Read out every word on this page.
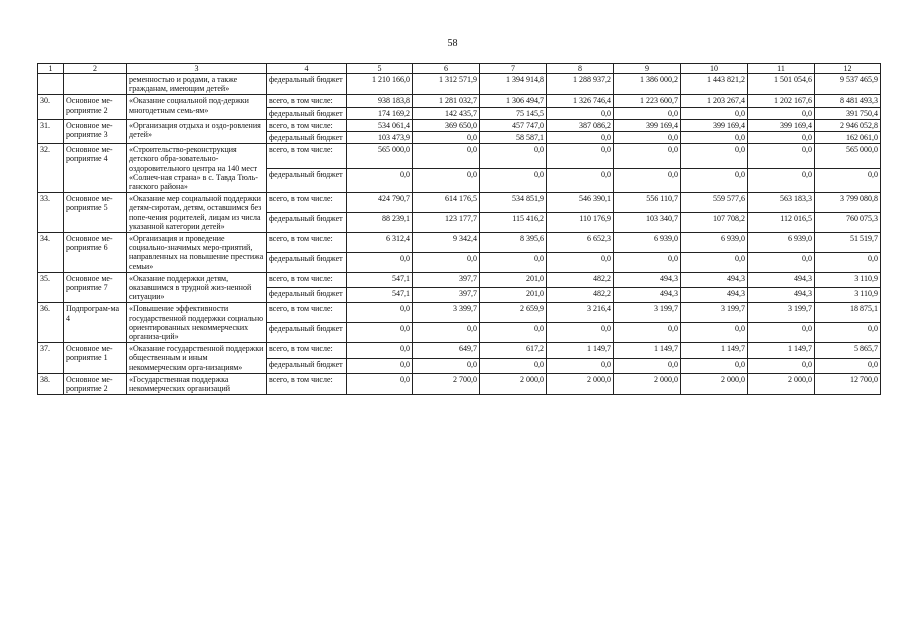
58
1	2	3	4	5	6	7	8	9	10	11	12
		ременностью и родами, а также гражданам, имеющим детей»	федеральный бюджет	1 210 166,0	1 312 571,9	1 394 914,8	1 288 937,2	1 386 000,2	1 443 821,2	1 501 054,6	9 537 465,9
30.	Основное ме-роприятие 2	«Оказание социальной под-держки многодетным семь-ям»	всего, в том числе:	938 183,8	1 281 032,7	1 306 494,7	1 326 746,4	1 223 600,7	1 203 267,4	1 202 167,6	8 481 493,3
			федеральный бюджет	174 169,2	142 435,7	75 145,5	0,0	0,0	0,0	0,0	391 750,4
31.	Основное ме-роприятие 3	«Организация отдыха и оздо-ровления детей»	всего, в том числе:	534 061,4	369 650,0	457 747,0	387 086,2	399 169,4	399 169,4	399 169,4	2 946 052,8
			федеральный бюджет	103 473,9	0,0	58 587,1	0,0	0,0	0,0	0,0	162 061,0
32.	Основное ме-роприятие 4	«Строительство-реконструкция детского обра-зовательно-оздоровительного центра на 140 мест «Солнеч-ная страна» в с. Тавда Тюль-ганского района»	всего, в том числе:	565 000,0	0,0	0,0	0,0	0,0	0,0	0,0	565 000,0
			федеральный бюджет	0,0	0,0	0,0	0,0	0,0	0,0	0,0	0,0
33.	Основное ме-роприятие 5	«Оказание мер социальной поддержки детям-сиротам, детям, оставшимся без попе-чения родителей, лицам из числа указанной категории детей»	всего, в том числе:	424 790,7	614 176,5	534 851,9	546 390,1	556 110,7	559 577,6	563 183,3	3 799 080,8
			федеральный бюджет	88 239,1	123 177,7	115 416,2	110 176,9	103 340,7	107 708,2	112 016,5	760 075,3
34.	Основное ме-роприятие 6	«Организация и проведение социально-значимых меро-приятий, направленных на повышение престижа семьи»	всего, в том числе:	6 312,4	9 342,4	8 395,6	6 652,3	6 939,0	6 939,0	6 939,0	51 519,7
			федеральный бюджет	0,0	0,0	0,0	0,0	0,0	0,0	0,0	0,0
35.	Основное ме-роприятие 7	«Оказание поддержки детям, оказавшимся в трудной жиз-ненной ситуации»	всего, в том числе:	547,1	397,7	201,0	482,2	494,3	494,3	494,3	3 110,9
			федеральный бюджет	547,1	397,7	201,0	482,2	494,3	494,3	494,3	3 110,9
36.	Подпрограм-ма 4	«Повышение эффективности государственной поддержки социально ориентированных некоммерческих организа-ций»	всего, в том числе:	0,0	3 399,7	2 659,9	3 216,4	3 199,7	3 199,7	3 199,7	18 875,1
			федеральный бюджет	0,0	0,0	0,0	0,0	0,0	0,0	0,0	0,0
37.	Основное ме-роприятие 1	«Оказание государственной поддержки общественным и иным некоммерческим орга-низациям»	всего, в том числе:	0,0	649,7	617,2	1 149,7	1 149,7	1 149,7	1 149,7	5 865,7
			федеральный бюджет	0,0	0,0	0,0	0,0	0,0	0,0	0,0	0,0
38.	Основное ме-роприятие 2	«Государственная поддержка некоммерческих организаций	всего, в том числе:	0,0	2 700,0	2 000,0	2 000,0	2 000,0	2 000,0	2 000,0	12 700,0
